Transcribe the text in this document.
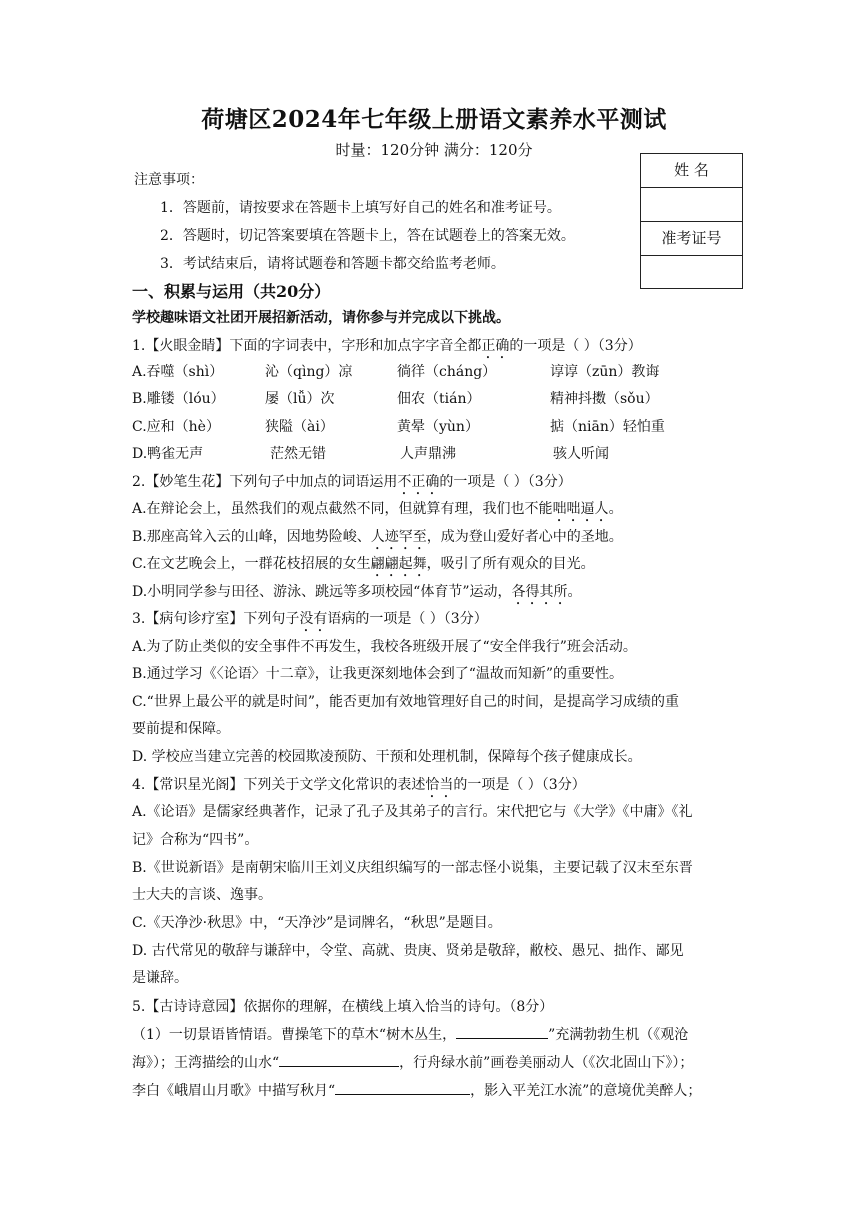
荷塘区2024年七年级上册语文素养水平测试
时量：120分钟 满分：120分
姓 名
准考证号
注意事项：
1．答题前，请按要求在答题卡上填写好自己的姓名和准考证号。
2．答题时，切记答案要填在答题卡上，答在试题卷上的答案无效。
3．考试结束后，请将试题卷和答题卡都交给监考老师。
一、积累与运用（共20分）
学校趣味语文社团开展招新活动，请你参与并完成以下挑战。
1.【火眼金睛】下面的字词表中，字形和加点字字音全都正确的一项是（ ）（3分）
A.吞噬（shì）	沁（qìng）凉	徜徉（cháng）	谆谆（zūn）教诲
B.雕镂（lóu）	屡（lǚ）次	佃农（tián）	精神抖擞（sǒu）
C.应和（hè）	狭隘（ài）	黄晕（yùn）	掂（niān）轻怕重
D.鸭雀无声	茫然无错	人声鼎沸	骇人听闻
2.【妙笔生花】下列句子中加点的词语运用不正确的一项是（ ）（3分）
A.在辩论会上，虽然我们的观点截然不同，但就算有理，我们也不能咄咄逼人。
B.那座高耸入云的山峰，因地势险峻、人迹罕至，成为登山爱好者心中的圣地。
C.在文艺晚会上，一群花枝招展的女生翩翩起舞，吸引了所有观众的目光。
D.小明同学参与田径、游泳、跳远等多项校园“体育节”运动，各得其所。
3.【病句诊疗室】下列句子没有语病的一项是（ ）（3分）
A.为了防止类似的安全事件不再发生，我校各班级开展了“安全伴我行”班会活动。
B.通过学习《〈论语〉十二章》，让我更深刻地体会到了“温故而知新”的重要性。
C.“世界上最公平的就是时间”，能否更加有效地管理好自己的时间，是提高学习成绩的重
要前提和保障。
D. 学校应当建立完善的校园欺凌预防、干预和处理机制，保障每个孩子健康成长。
4.【常识星光阁】下列关于文学文化常识的表述恰当的一项是（ ）（3分）
A.《论语》是儒家经典著作，记录了孔子及其弟子的言行。宋代把它与《大学》《中庸》《礼
记》合称为“四书”。
B.《世说新语》是南朝宋临川王刘义庆组织编写的一部志怪小说集，主要记载了汉末至东晋
士大夫的言谈、逸事。
C.《天净沙·秋思》中，“天净沙”是词牌名，“秋思”是题目。
D. 古代常见的敬辞与谦辞中，令堂、高就、贵庚、贤弟是敬辞，敝校、愚兄、拙作、鄙见
是谦辞。
5.【古诗诗意园】依据你的理解，在横线上填入恰当的诗句。（8分）
（1）一切景语皆情语。曹操笔下的草木“树木丛生，	”充满勃勃生机（《观沧
海》）；王湾描绘的山水“	，行舟绿水前”画卷美丽动人（《次北固山下》）；
李白《峨眉山月歌》中描写秋月“	，影入平羌江水流”的意境优美醉人；
